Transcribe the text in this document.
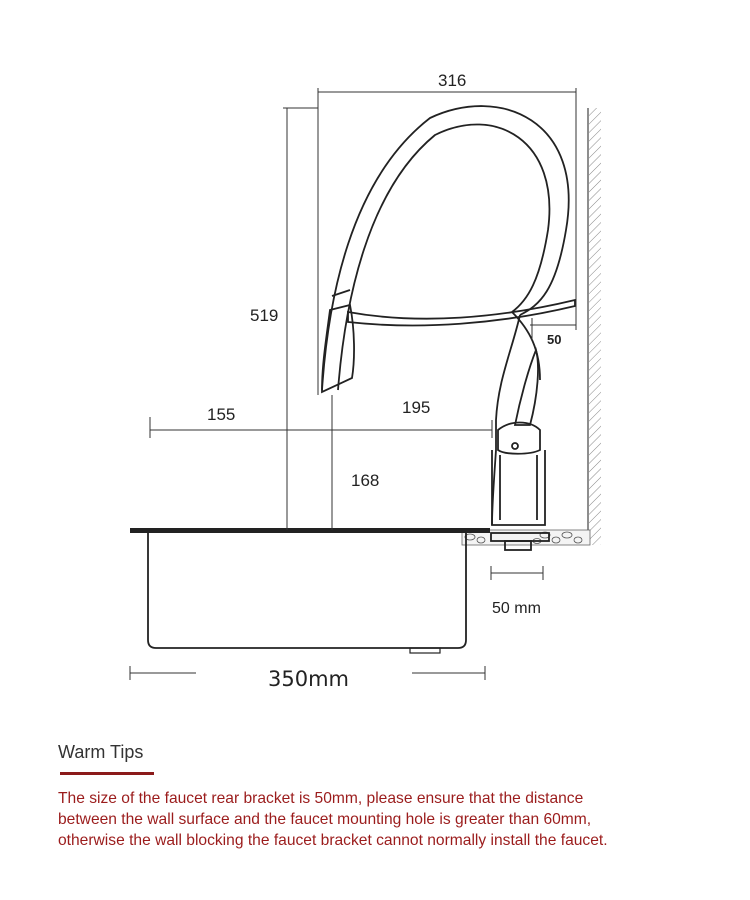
316
519
50
155	195
168
50 mm
350mm
Warm Tips
The size of the faucet rear bracket is 50mm, please ensure that the distance
between the wall surface and the faucet mounting hole is greater than 60mm,
otherwise the wall blocking the faucet bracket cannot normally install the faucet.
